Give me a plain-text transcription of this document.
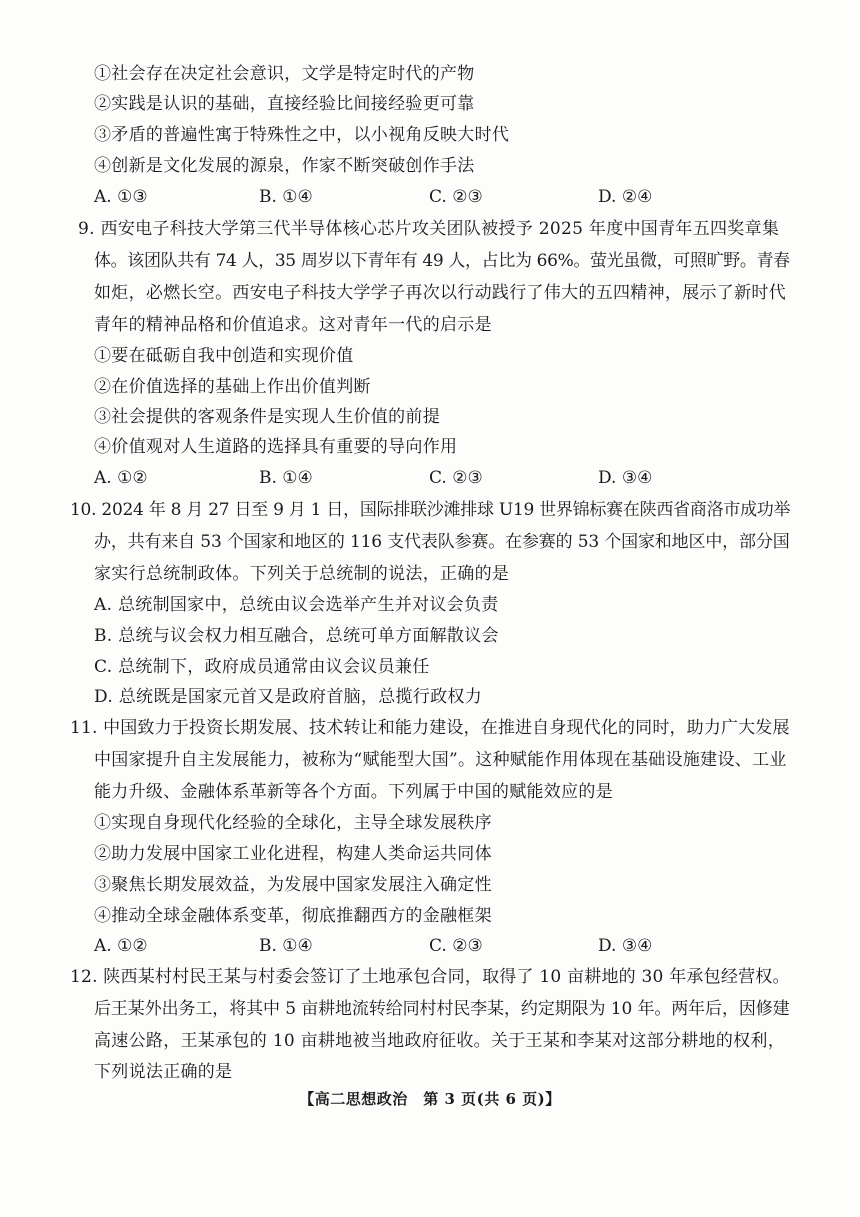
①社会存在决定社会意识，文学是特定时代的产物
②实践是认识的基础，直接经验比间接经验更可靠
③矛盾的普遍性寓于特殊性之中，以小视角反映大时代
④创新是文化发展的源泉，作家不断突破创作手法
A. ①③	B. ①④	C. ②③	D. ②④
9. 西安电子科技大学第三代半导体核心芯片攻关团队被授予 2025 年度中国青年五四奖章集
体。该团队共有 74 人，35 周岁以下青年有 49 人，占比为 66%。萤光虽微，可照旷野。青春
如炬，必燃长空。西安电子科技大学学子再次以行动践行了伟大的五四精神，展示了新时代
青年的精神品格和价值追求。这对青年一代的启示是
①要在砥砺自我中创造和实现价值
②在价值选择的基础上作出价值判断
③社会提供的客观条件是实现人生价值的前提
④价值观对人生道路的选择具有重要的导向作用
A. ①②	B. ①④	C. ②③	D. ③④
10. 2024 年 8 月 27 日至 9 月 1 日，国际排联沙滩排球 U19 世界锦标赛在陕西省商洛市成功举
办，共有来自 53 个国家和地区的 116 支代表队参赛。在参赛的 53 个国家和地区中，部分国
家实行总统制政体。下列关于总统制的说法，正确的是
A. 总统制国家中，总统由议会选举产生并对议会负责
B. 总统与议会权力相互融合，总统可单方面解散议会
C. 总统制下，政府成员通常由议会议员兼任
D. 总统既是国家元首又是政府首脑，总揽行政权力
11. 中国致力于投资长期发展、技术转让和能力建设，在推进自身现代化的同时，助力广大发展
中国家提升自主发展能力，被称为“赋能型大国”。这种赋能作用体现在基础设施建设、工业
能力升级、金融体系革新等各个方面。下列属于中国的赋能效应的是
①实现自身现代化经验的全球化，主导全球发展秩序
②助力发展中国家工业化进程，构建人类命运共同体
③聚焦长期发展效益，为发展中国家发展注入确定性
④推动全球金融体系变革，彻底推翻西方的金融框架
A. ①②	B. ①④	C. ②③	D. ③④
12. 陕西某村村民王某与村委会签订了土地承包合同，取得了 10 亩耕地的 30 年承包经营权。
后王某外出务工，将其中 5 亩耕地流转给同村村民李某，约定期限为 10 年。两年后，因修建
高速公路，王某承包的 10 亩耕地被当地政府征收。关于王某和李某对这部分耕地的权利，
下列说法正确的是
【高二思想政治　第 3 页(共 6 页)】
